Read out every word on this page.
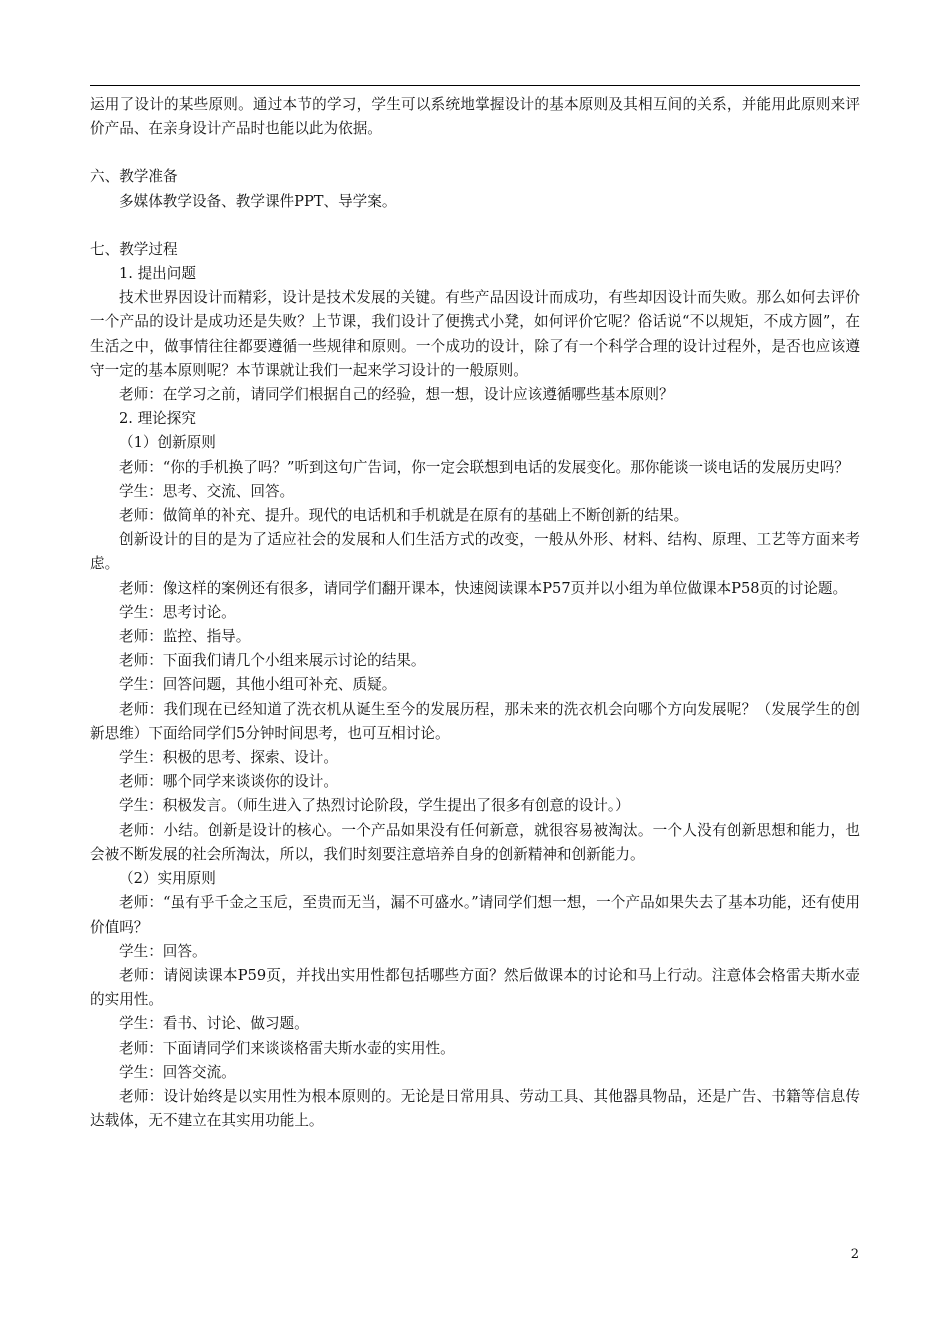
运用了设计的某些原则。通过本节的学习，学生可以系统地掌握设计的基本原则及其相互间的关系，并能用此原则来评价产品、在亲身设计产品时也能以此为依据。

六、教学准备

多媒体教学设备、教学课件PPT、导学案。

七、教学过程

1. 提出问题

技术世界因设计而精彩，设计是技术发展的关键。有些产品因设计而成功，有些却因设计而失败。那么如何去评价一个产品的设计是成功还是失败？上节课，我们设计了便携式小凳，如何评价它呢？俗话说“不以规矩，不成方圆”，在生活之中，做事情往往都要遵循一些规律和原则。一个成功的设计，除了有一个科学合理的设计过程外，是否也应该遵守一定的基本原则呢？本节课就让我们一起来学习设计的一般原则。

老师：在学习之前，请同学们根据自己的经验，想一想，设计应该遵循哪些基本原则？

2. 理论探究

（1）创新原则

老师：“你的手机换了吗？”听到这句广告词，你一定会联想到电话的发展变化。那你能谈一谈电话的发展历史吗？

学生：思考、交流、回答。

老师：做简单的补充、提升。现代的电话机和手机就是在原有的基础上不断创新的结果。

创新设计的目的是为了适应社会的发展和人们生活方式的改变，一般从外形、材料、结构、原理、工艺等方面来考虑。

老师：像这样的案例还有很多，请同学们翻开课本，快速阅读课本P57页并以小组为单位做课本P58页的讨论题。

学生：思考讨论。

老师：监控、指导。

老师：下面我们请几个小组来展示讨论的结果。

学生：回答问题，其他小组可补充、质疑。

老师：我们现在已经知道了洗衣机从诞生至今的发展历程，那未来的洗衣机会向哪个方向发展呢？（发展学生的创新思维）下面给同学们5分钟时间思考，也可互相讨论。

学生：积极的思考、探索、设计。

老师：哪个同学来谈谈你的设计。

学生：积极发言。（师生进入了热烈讨论阶段，学生提出了很多有创意的设计。）

老师：小结。创新是设计的核心。一个产品如果没有任何新意，就很容易被淘汰。一个人没有创新思想和能力，也会被不断发展的社会所淘汰，所以，我们时刻要注意培养自身的创新精神和创新能力。

（2）实用原则

老师：“虽有乎千金之玉卮，至贵而无当，漏不可盛水。”请同学们想一想，一个产品如果失去了基本功能，还有使用价值吗？

学生：回答。

老师：请阅读课本P59页，并找出实用性都包括哪些方面？然后做课本的讨论和马上行动。注意体会格雷夫斯水壶的实用性。

学生：看书、讨论、做习题。

老师：下面请同学们来谈谈格雷夫斯水壶的实用性。

学生：回答交流。

老师：设计始终是以实用性为根本原则的。无论是日常用具、劳动工具、其他器具物品，还是广告、书籍等信息传达载体，无不建立在其实用功能上。

2
